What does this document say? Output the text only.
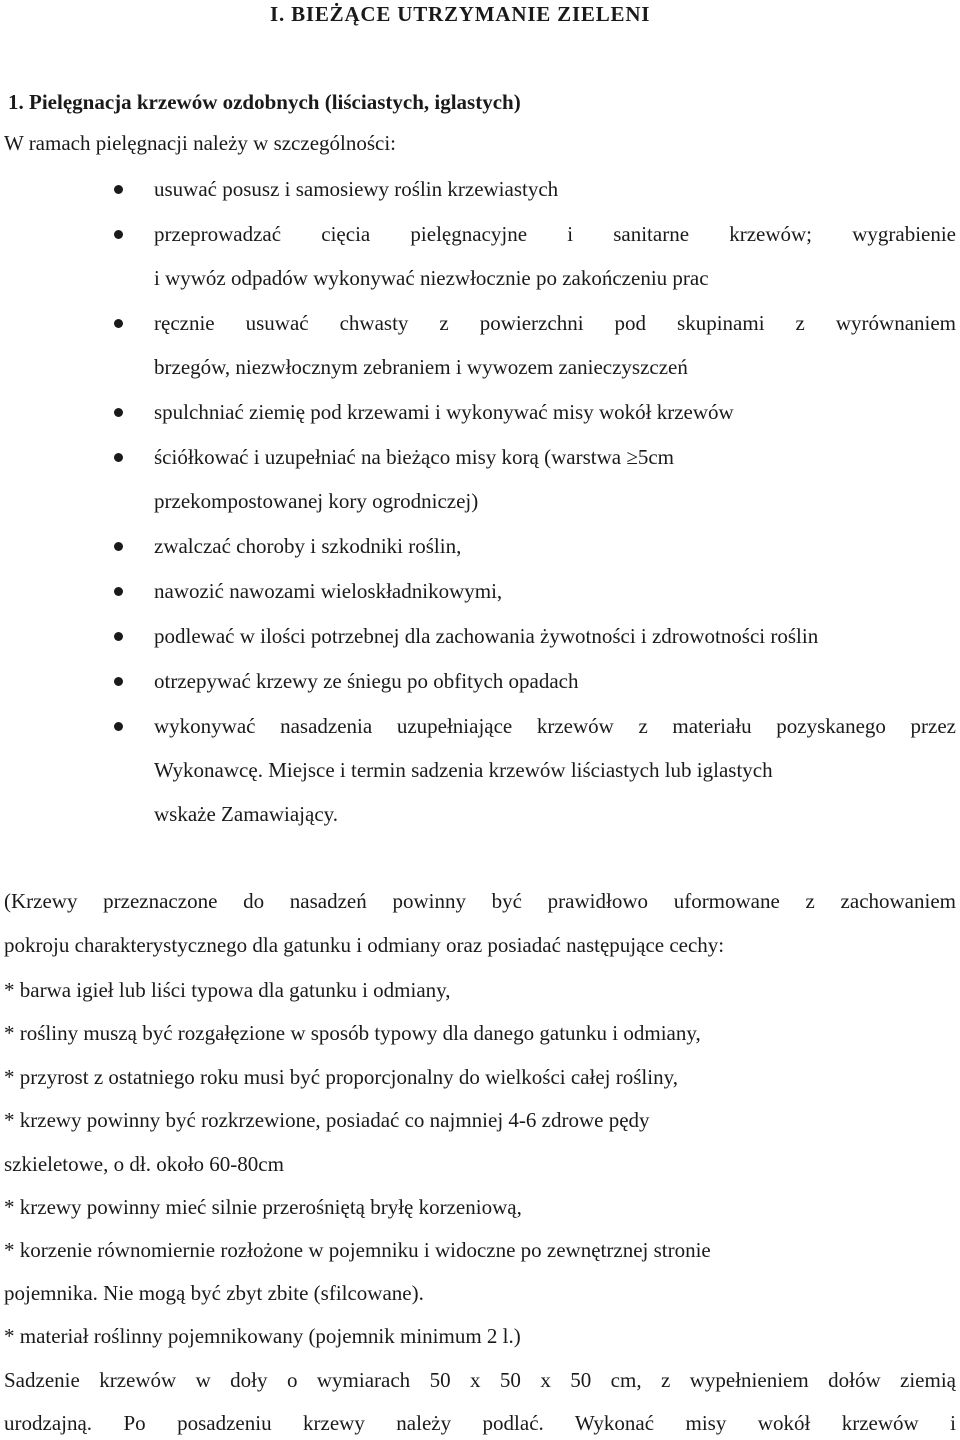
I. BIEŻĄCE UTRZYMANIE ZIELENI
1. Pielęgnacja krzewów ozdobnych (liściastych, iglastych)
W ramach pielęgnacji należy w szczególności:
usuwać posusz i samosiewy roślin krzewiastych
przeprowadzać cięcia pielęgnacyjne i sanitarne krzewów; wygrabienie
i wywóz odpadów wykonywać niezwłocznie po zakończeniu prac
ręcznie usuwać chwasty z powierzchni pod skupinami z wyrównaniem
brzegów, niezwłocznym zebraniem i wywozem zanieczyszczeń
spulchniać ziemię pod krzewami i wykonywać misy wokół krzewów
ściółkować i uzupełniać na bieżąco misy korą (warstwa ≥5cm
przekompostowanej kory ogrodniczej)
zwalczać choroby i szkodniki roślin,
nawozić nawozami wieloskładnikowymi,
podlewać w ilości potrzebnej dla zachowania żywotności i zdrowotności roślin
otrzepywać krzewy ze śniegu po obfitych opadach
wykonywać nasadzenia uzupełniające krzewów z materiału pozyskanego przez
Wykonawcę. Miejsce i termin sadzenia krzewów liściastych lub iglastych
wskaże Zamawiający.
(Krzewy przeznaczone do nasadzeń powinny być prawidłowo uformowane z zachowaniem
pokroju charakterystycznego dla gatunku i odmiany oraz posiadać następujące cechy:
* barwa igieł lub liści typowa dla gatunku i odmiany,
* rośliny muszą być rozgałęzione w sposób typowy dla danego gatunku i odmiany,
* przyrost z ostatniego roku musi być proporcjonalny do wielkości całej rośliny,
* krzewy powinny być rozkrzewione, posiadać co najmniej 4-6 zdrowe pędy
szkieletowe, o dł. około 60-80cm
* krzewy powinny mieć silnie przerośniętą bryłę korzeniową,
* korzenie równomiernie rozłożone w pojemniku i widoczne po zewnętrznej stronie
pojemnika. Nie mogą być zbyt zbite (sfilcowane).
* materiał roślinny pojemnikowany (pojemnik minimum 2 l.)
Sadzenie krzewów w doły o wymiarach 50 x 50 x 50 cm, z wypełnieniem dołów ziemią
urodzajną. Po posadzeniu krzewy należy podlać. Wykonać misy wokół krzewów i
